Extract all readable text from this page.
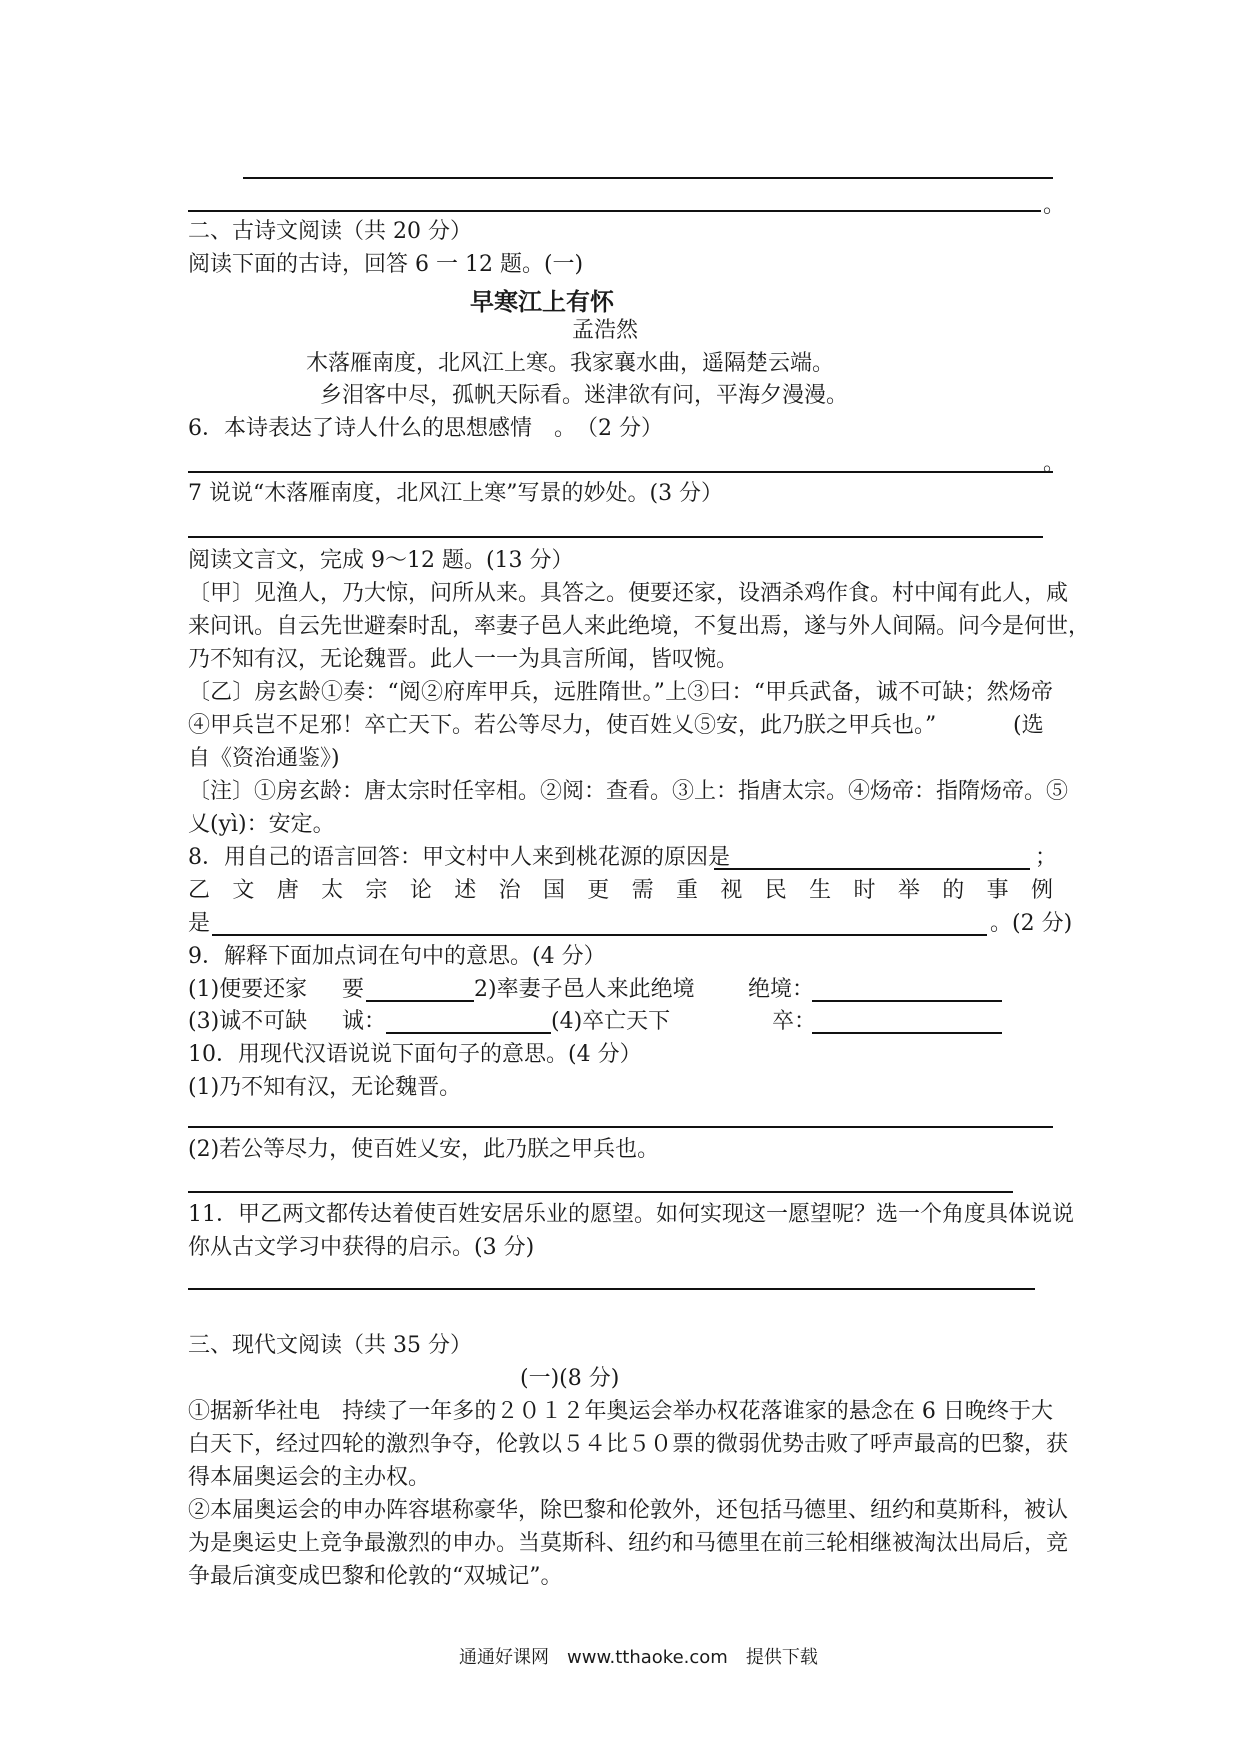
。
二、古诗文阅读（共 20 分）
阅读下面的古诗，回答 6 一 12 题。(一)
早寒江上有怀
孟浩然
木落雁南度，北风江上寒。我家襄水曲，遥隔楚云端。
乡泪客中尽，孤帆天际看。迷津欲有问，平海夕漫漫。
6．本诗表达了诗人什么的思想感情　。　（2 分）
。
7 说说“木落雁南度，北风江上寒”写景的妙处。(3 分）
阅读文言文，完成 9～12 题。(13 分）
〔甲〕见渔人，乃大惊，问所从来。具答之。便要还家，设酒杀鸡作食。村中闻有此人，咸
来问讯。自云先世避秦时乱，率妻子邑人来此绝境，不复出焉，遂与外人间隔。问今是何世，
乃不知有汉，无论魏晋。此人一一为具言所闻，皆叹惋。
〔乙〕房玄龄①奏：“阅②府库甲兵，远胜隋世。”上③曰：“甲兵武备，诚不可缺；然炀帝
④甲兵岂不足邪！卒亡天下。若公等尽力，使百姓乂⑤安，此乃朕之甲兵也。”	(选
自《资治通鉴》)
〔注〕①房玄龄：唐太宗时任宰相。②阅：查看。③上：指唐太宗。④炀帝：指隋炀帝。⑤
乂(yì)：安定。
8．用自己的语言回答：甲文村中人来到桃花源的原因是	；
乙文唐太宗论述治国更需重视民生时举的事例
是	。(2 分)
9．解释下面加点词在句中的意思。(4 分）
(1)便要还家 要	2)率妻子邑人来此绝境 绝境：
(3)诚不可缺 诚：	(4)卒亡天下	卒：
10．用现代汉语说说下面句子的意思。(4 分）
(1)乃不知有汉，无论魏晋。
(2)若公等尽力，使百姓乂安，此乃朕之甲兵也。
11．甲乙两文都传达着使百姓安居乐业的愿望。如何实现这一愿望呢？选一个角度具体说说
你从古文学习中获得的启示。(3 分)
三、现代文阅读（共 35 分）
(一)(8 分)
①据新华社电　持续了一年多的２０１２年奥运会举办权花落谁家的悬念在 6 日晚终于大
白天下，经过四轮的激烈争夺，伦敦以５４比５０票的微弱优势击败了呼声最高的巴黎，获
得本届奥运会的主办权。
②本届奥运会的申办阵容堪称豪华，除巴黎和伦敦外，还包括马德里、纽约和莫斯科，被认
为是奥运史上竞争最激烈的申办。当莫斯科、纽约和马德里在前三轮相继被淘汰出局后，竞
争最后演变成巴黎和伦敦的“双城记”。
通通好课网　www.tthaoke.com　提供下载
